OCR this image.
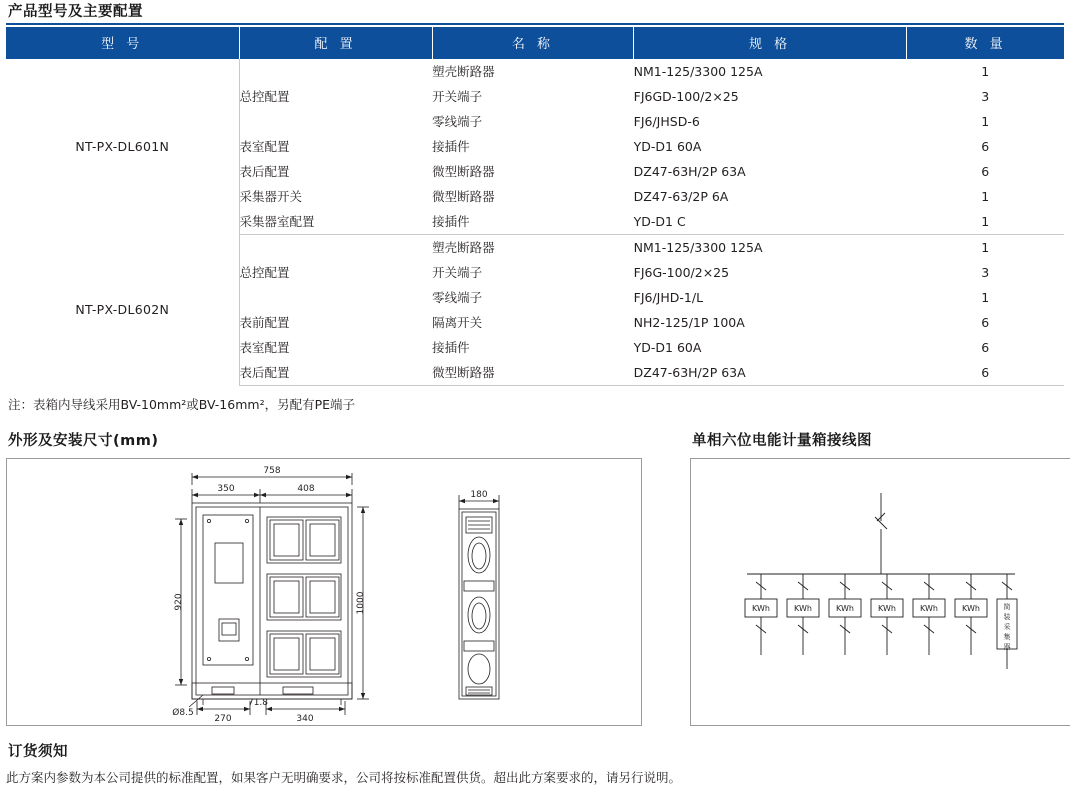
产品型号及主要配置
型 号	配 置	名 称	规 格	数 量
NT-PX-DL601N	总控配置	塑壳断路器	NM1-125/3300 125A	1
		开关端子	FJ6GD-100/2×25	3
		零线端子	FJ6/JHSD-6	1
	表室配置	接插件	YD-D1 60A	6
	表后配置	微型断路器	DZ47-63H/2P 63A	6
	采集器开关	微型断路器	DZ47-63/2P 6A	1
	采集器室配置	接插件	YD-D1 C	1
NT-PX-DL602N	总控配置	塑壳断路器	NM1-125/3300 125A	1
		开关端子	FJ6G-100/2×25	3
		零线端子	FJ6/JHD-1/L	1
	表前配置	隔离开关	NH2-125/1P 100A	6
	表室配置	接插件	YD-D1 60A	6
	表后配置	微型断路器	DZ47-63H/2P 63A	6
注：表箱内导线采用BV-10mm²或BV-16mm²，另配有PE端子
外形及安装尺寸(mm)
758
350	408
920	1000
270
71.8
340
Ø8.5
180
单相六位电能计量箱接线图
KWh	KWh	KWh	KWh	KWh	KWh	简
装
采
集
器
订货须知

此方案内参数为本公司提供的标准配置，如果客户无明确要求，公司将按标准配置供货。超出此方案要求的，请另行说明。
